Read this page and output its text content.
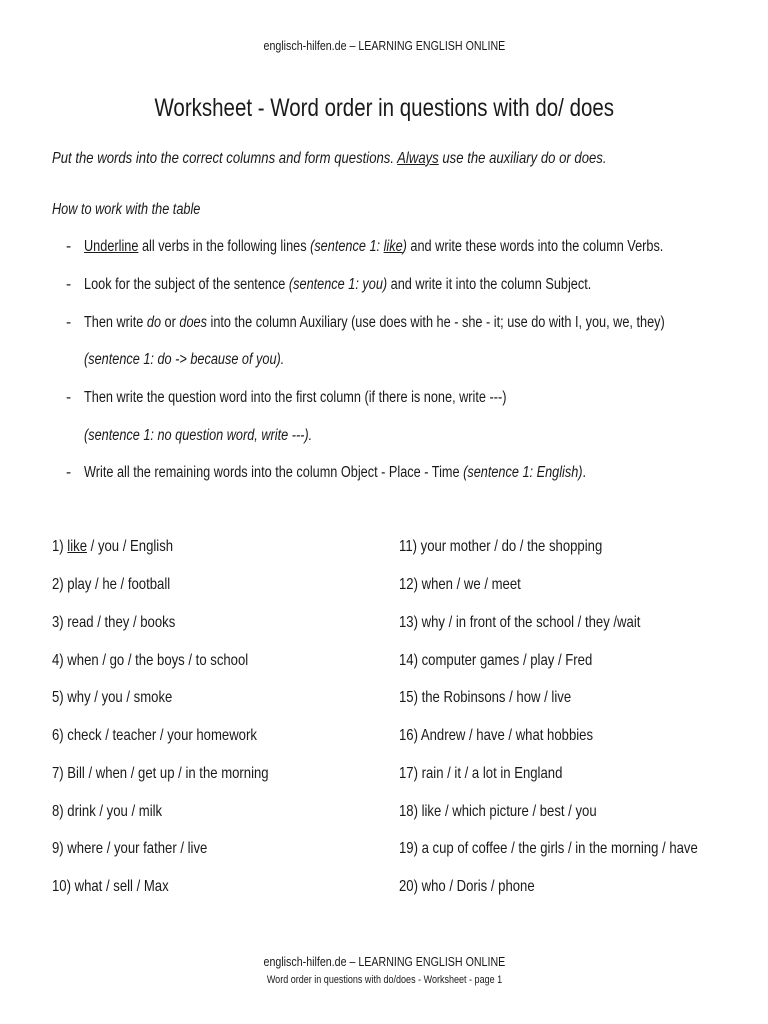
englisch-hilfen.de – LEARNING ENGLISH ONLINE
Worksheet - Word order in questions with do/ does
Put the words into the correct columns and form questions. Always use the auxiliary do or does.
How to work with the table
- Underline all verbs in the following lines (sentence 1: like) and write these words into the column Verbs.
- Look for the subject of the sentence (sentence 1: you) and write it into the column Subject.
- Then write do or does into the column Auxiliary (use does with he - she - it; use do with I, you, we, they)
(sentence 1: do -> because of you).
- Then write the question word into the first column (if there is none, write ---)
(sentence 1: no question word, write ---).
- Write all the remaining words into the column Object - Place - Time (sentence 1: English).
1) like / you / English
2) play / he / football
3) read / they / books
4) when / go / the boys / to school
5) why / you / smoke
6) check / teacher / your homework
7) Bill / when / get up / in the morning
8) drink / you / milk
9) where / your father / live
10) what / sell / Max
11) your mother / do / the shopping
12) when / we / meet
13) why / in front of the school / they /wait
14) computer games / play / Fred
15) the Robinsons / how / live
16) Andrew / have / what hobbies
17) rain / it / a lot in England
18) like / which picture / best / you
19) a cup of coffee / the girls / in the morning / have
20) who / Doris / phone
englisch-hilfen.de – LEARNING ENGLISH ONLINE
Word order in questions with do/does - Worksheet - page 1
